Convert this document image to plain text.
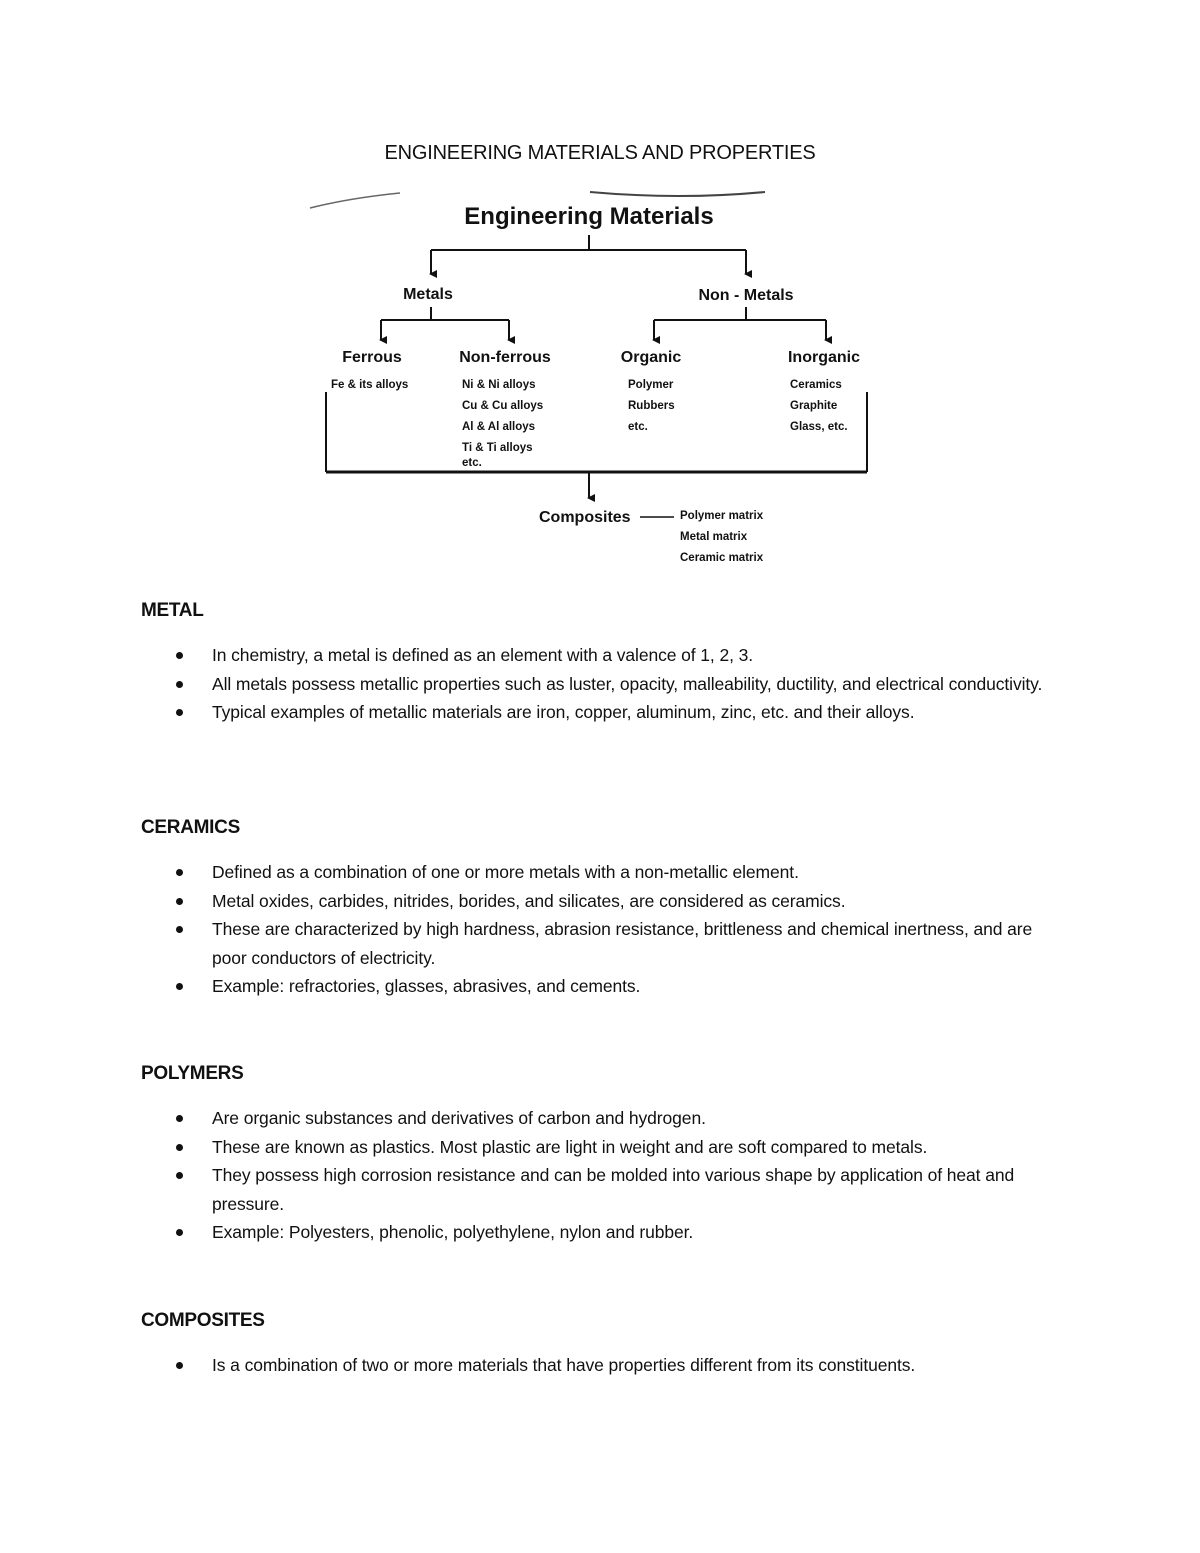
ENGINEERING MATERIALS AND PROPERTIES
Engineering Materials
Metals	Non - Metals
Ferrous	Non-ferrous	Organic	Inorganic
Fe & its alloys	Ni & Ni alloys
Cu & Cu alloys
Al & Al alloys
Ti & Ti alloys
etc.
Polymer
Rubbers
etc.
Ceramics
Graphite
Glass, etc.
Composites	Polymer matrix
Metal matrix
Ceramic matrix
METAL
In chemistry, a metal is defined as an element with a valence of 1, 2, 3.
All metals possess metallic properties such as luster, opacity, malleability, ductility, and electrical conductivity.
Typical examples of metallic materials are iron, copper, aluminum, zinc, etc. and their alloys.
CERAMICS
Defined as a combination of one or more metals with a non-metallic element.
Metal oxides, carbides, nitrides, borides, and silicates, are considered as ceramics.
These are characterized by high hardness, abrasion resistance, brittleness and chemical inertness, and are poor conductors of electricity.
Example: refractories, glasses, abrasives, and cements.
POLYMERS
Are organic substances and derivatives of carbon and hydrogen.
These are known as plastics. Most plastic are light in weight and are soft compared to metals.
They possess high corrosion resistance and can be molded into various shape by application of heat and pressure.
Example: Polyesters, phenolic, polyethylene, nylon and rubber.
COMPOSITES
Is a combination of two or more materials that have properties different from its constituents.
